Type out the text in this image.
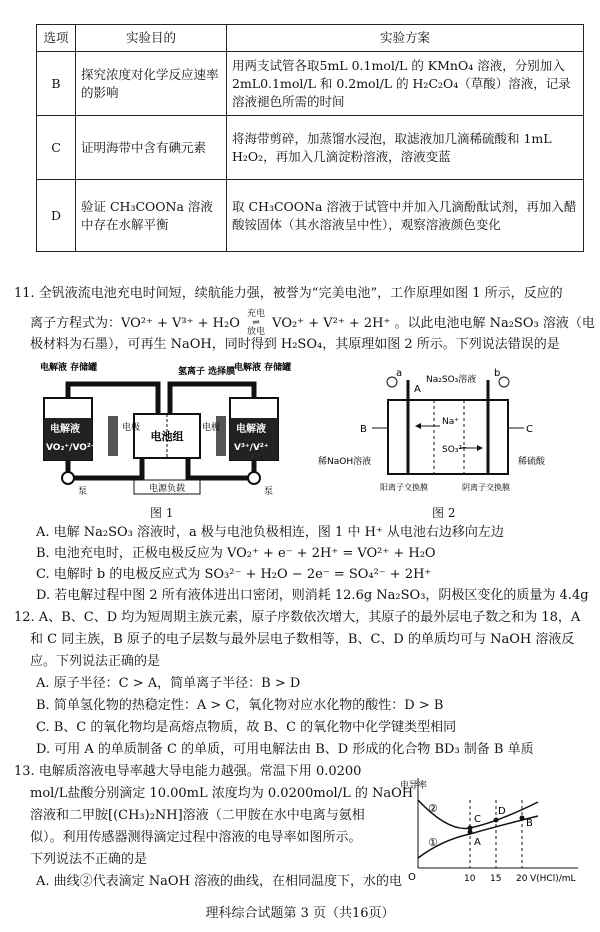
选项	实验目的	实验方案
B	探究浓度对化学反应速率的影响	用两支试管各取5mL 0.1mol/L 的 KMnO₄ 溶液，分别加入2mL0.1mol/L 和 0.2mol/L 的 H₂C₂O₄（草酸）溶液，记录溶液褪色所需的时间
C	证明海带中含有碘元素	将海带剪碎，加蒸馏水浸泡，取滤液加几滴稀硫酸和 1mL H₂O₂，再加入几滴淀粉溶液，溶液变蓝
D	验证 CH₃COONa 溶液中存在水解平衡	取 CH₃COONa 溶液于试管中并加入几滴酚酞试剂，再加入醋酸铵固体（其水溶液呈中性），观察溶液颜色变化
11. 全钒液流电池充电时间短，续航能力强，被誉为“完美电池”，工作原理如图 1 所示，反应的
离子方程式为：VO²⁺ + V³⁺ + H₂O 充电
⇌
放电 VO₂⁺ + V²⁺ + 2H⁺ 。以此电池电解 Na₂SO₃ 溶液（电
极材料为石墨），可再生 NaOH，同时得到 H₂SO₄，其原理如图 2 所示。下列说法错误的是
电源负载
电池组
电极	电极
电解液
VO₂⁺/VO²⁺
电解液
V³⁺/V²⁺
电解液 存储罐	电解液 存储罐
氢离子 选择膜
泵	泵
图 1
a	b
A
Na₂SO₃溶液
B	C
Na⁺
SO₃²⁻
稀NaOH溶液	稀硫酸
阳离子交换膜	阴离子交换膜
图 2
A. 电解 Na₂SO₃ 溶液时，a 极与电池负极相连，图 1 中 H⁺ 从电池右边移向左边
B. 电池充电时，正极电极反应为 VO₂⁺ + e⁻ + 2H⁺ = VO²⁺ + H₂O
C. 电解时 b 的电极反应式为 SO₃²⁻ + H₂O − 2e⁻ = SO₄²⁻ + 2H⁺
D. 若电解过程中图 2 所有液体进出口密闭，则消耗 12.6g Na₂SO₃，阴极区变化的质量为 4.4g
12. A、B、C、D 均为短周期主族元素，原子序数依次增大，其原子的最外层电子数之和为 18，A
和 C 同主族，B 原子的电子层数与最外层电子数相等，B、C、D 的单质均可与 NaOH 溶液反
应。下列说法正确的是
A. 原子半径：C > A，简单离子半径：B > D
B. 简单氢化物的热稳定性：A > C，氧化物对应水化物的酸性：D > B
C. B、C 的氧化物均是高熔点物质，故 B、C 的氧化物中化学键类型相同
D. 可用 A 的单质制备 C 的单质，可用电解法由 B、D 形成的化合物 BD₃ 制备 B 单质
13. 电解质溶液电导率越大导电能力越强。常温下用 0.0200
mol/L盐酸分别滴定 10.00mL 浓度均为 0.0200mol/L 的 NaOH
溶液和二甲胺[(CH₃)₂NH]溶液（二甲胺在水中电离与氨相
似）。利用传感器测得滴定过程中溶液的电导率如图所示。
下列说法不正确的是
A. 曲线②代表滴定 NaOH 溶液的曲线，在相同温度下，水的电
A
B
C
D
②
①
O	10 15 20 V(HCl)/mL
电导率
理科综合试题第 3 页（共16页）
